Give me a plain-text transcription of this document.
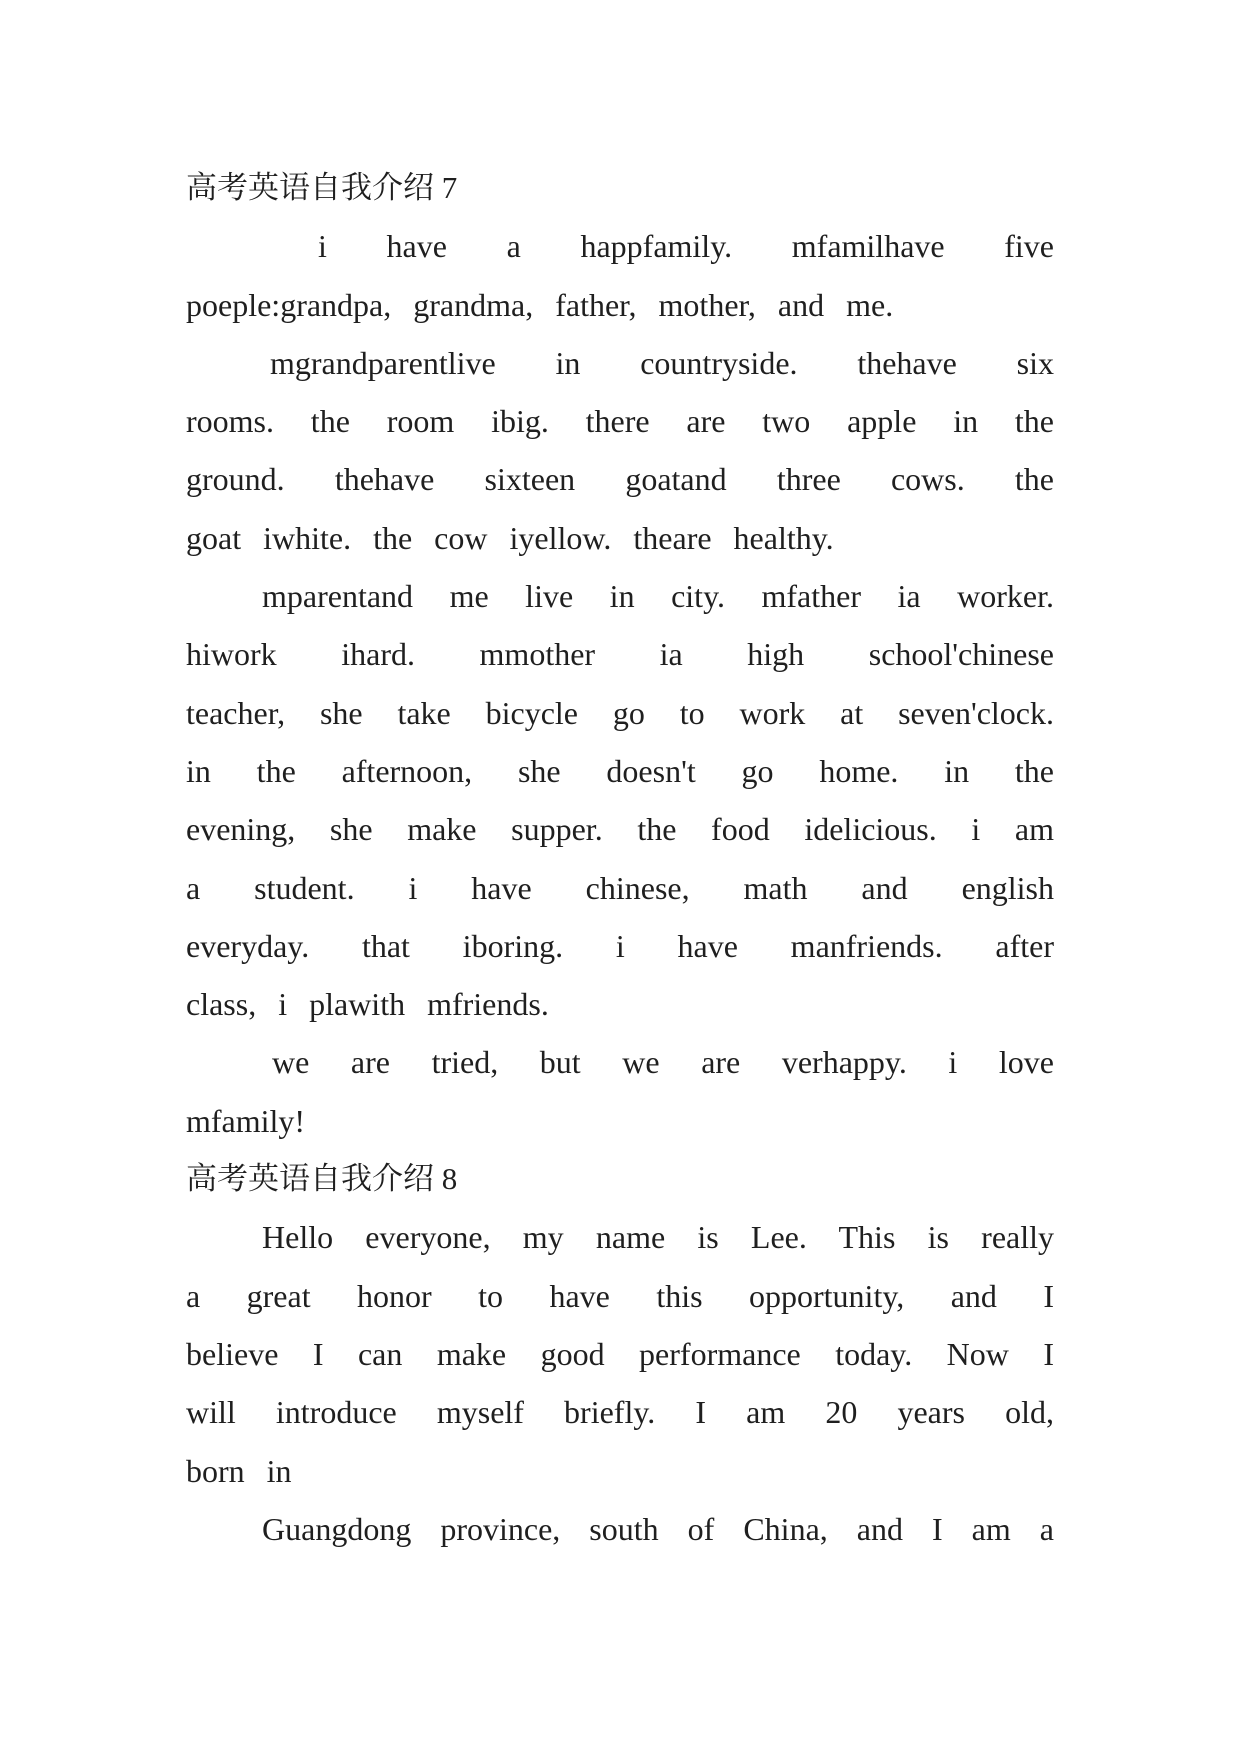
高考英语自我介绍 7
i have a happfamily. mfamilhave five
poeple:grandpa, grandma, father, mother, and me.
mgrandparentlive in countryside. thehave six
rooms. the room ibig. there are two apple in the
ground. thehave sixteen goatand three cows. the
goat iwhite. the cow iyellow. theare healthy.
mparentand me live in city. mfather ia worker.
hiwork ihard. mmother ia high school'chinese
teacher, she take bicycle go to work at seven'clock.
in the afternoon, she doesn't go home. in the
evening, she make supper. the food idelicious. i am
a student. i have chinese, math and english
everyday. that iboring. i have manfriends. after
class, i plawith mfriends.
we are tried, but we are verhappy. i love
mfamily!
高考英语自我介绍 8
Hello everyone, my name is Lee. This is really
a great honor to have this opportunity, and I
believe I can make good performance today. Now I
will introduce myself briefly. I am 20 years old,
born in
Guangdong province, south of China, and I am a
